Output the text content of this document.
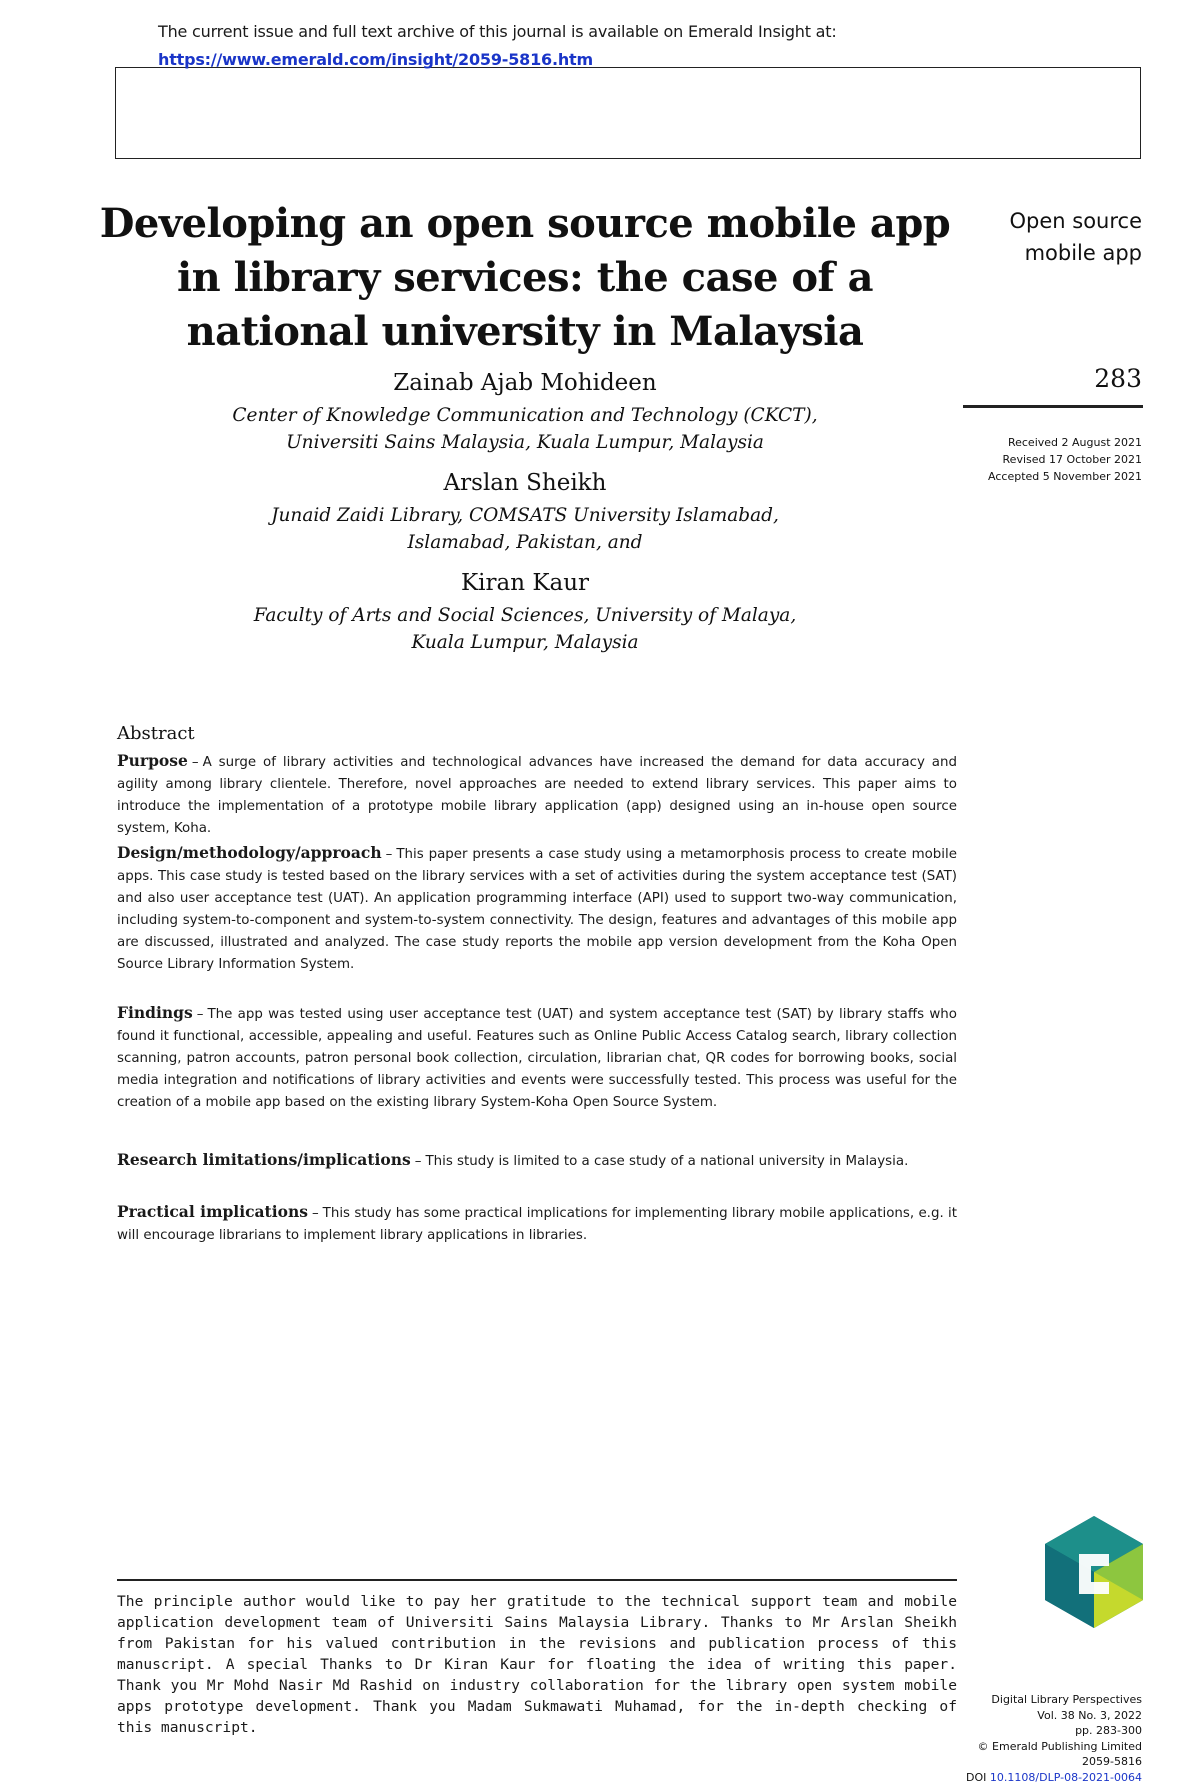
The current issue and full text archive of this journal is available on Emerald Insight at:
https://www.emerald.com/insight/2059-5816.htm
Developing an open source mobile app in library services: the case of a national university in Malaysia
Open source
mobile app
283
Received 2 August 2021
Revised 17 October 2021
Accepted 5 November 2021
Zainab Ajab Mohideen
Center of Knowledge Communication and Technology (CKCT),
Universiti Sains Malaysia, Kuala Lumpur, Malaysia
Arslan Sheikh
Junaid Zaidi Library, COMSATS University Islamabad,
Islamabad, Pakistan, and
Kiran Kaur
Faculty of Arts and Social Sciences, University of Malaya,
Kuala Lumpur, Malaysia
Abstract

Purpose – A surge of library activities and technological advances have increased the demand for data accuracy and agility among library clientele. Therefore, novel approaches are needed to extend library services. This paper aims to introduce the implementation of a prototype mobile library application (app) designed using an in-house open source system, Koha.

Design/methodology/approach – This paper presents a case study using a metamorphosis process to create mobile apps. This case study is tested based on the library services with a set of activities during the system acceptance test (SAT) and also user acceptance test (UAT). An application programming interface (API) used to support two-way communication, including system-to-component and system-to-system connectivity. The design, features and advantages of this mobile app are discussed, illustrated and analyzed. The case study reports the mobile app version development from the Koha Open Source Library Information System.

Findings – The app was tested using user acceptance test (UAT) and system acceptance test (SAT) by library staffs who found it functional, accessible, appealing and useful. Features such as Online Public Access Catalog search, library collection scanning, patron accounts, patron personal book collection, circulation, librarian chat, QR codes for borrowing books, social media integration and notifications of library activities and events were successfully tested. This process was useful for the creation of a mobile app based on the existing library System-Koha Open Source System.

Research limitations/implications – This study is limited to a case study of a national university in Malaysia.

Practical implications – This study has some practical implications for implementing library mobile applications, e.g. it will encourage librarians to implement library applications in libraries.

The principle author would like to pay her gratitude to the technical support team and mobile application development team of Universiti Sains Malaysia Library. Thanks to Mr Arslan Sheikh from Pakistan for his valued contribution in the revisions and publication process of this manuscript. A special Thanks to Dr Kiran Kaur for floating the idea of writing this paper. Thank you Mr Mohd Nasir Md Rashid on industry collaboration for the library open system mobile apps prototype development. Thank you Madam Sukmawati Muhamad, for the in-depth checking of this manuscript.

Digital Library Perspectives
Vol. 38 No. 3, 2022
pp. 283-300
© Emerald Publishing Limited
2059-5816
DOI 10.1108/DLP-08-2021-0064
